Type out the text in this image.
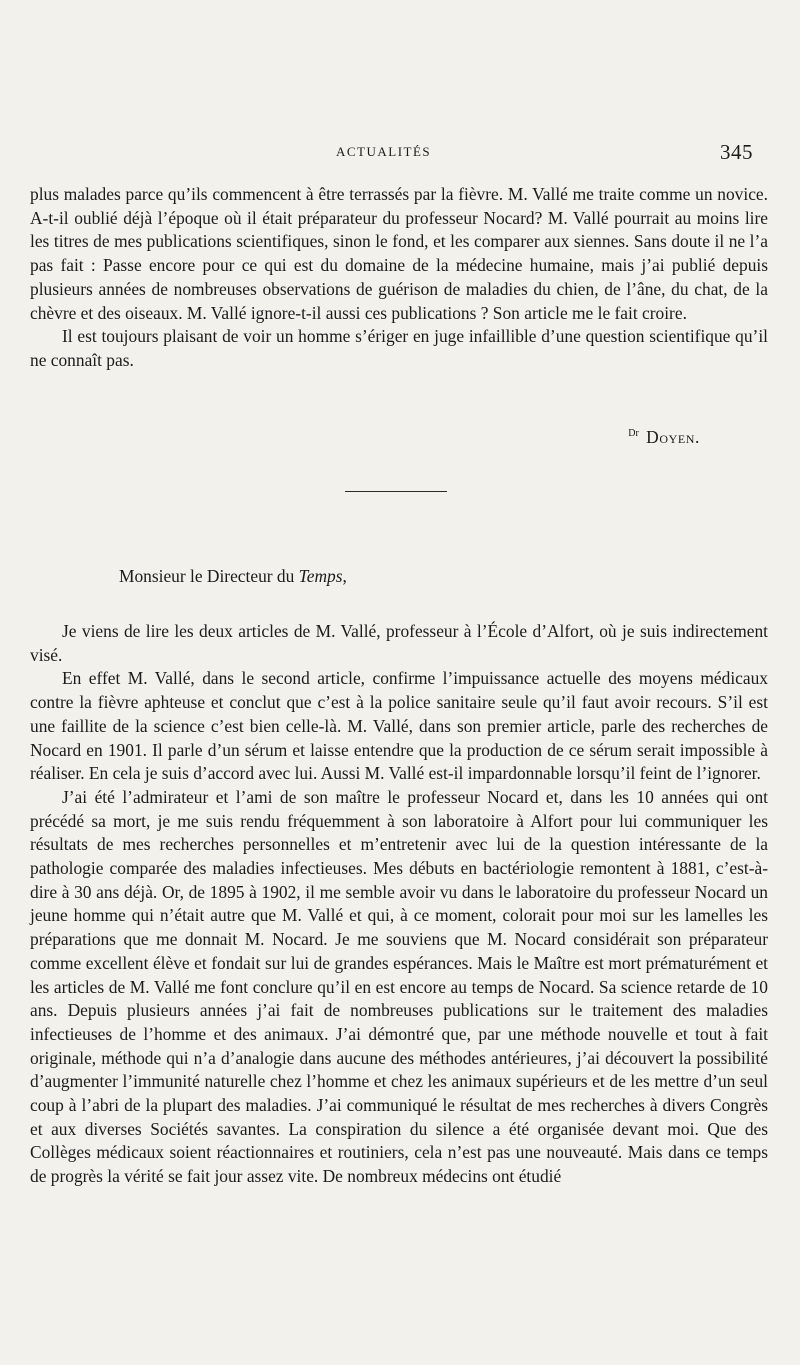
ACTUALITÉS	345

plus malades parce qu’ils commencent à être terrassés par la fièvre. M. Vallé me traite comme un novice. A-t-il oublié déjà l’époque où il était préparateur du professeur Nocard? M. Vallé pourrait au moins lire les titres de mes publications scientifiques, sinon le fond, et les comparer aux siennes. Sans doute il ne l’a pas fait : Passe encore pour ce qui est du domaine de la médecine humaine, mais j’ai publié depuis plusieurs années de nombreuses observations de guérison de maladies du chien, de l’âne, du chat, de la chèvre et des oiseaux. M. Vallé ignore-t-il aussi ces publications ? Son article me le fait croire.

Il est toujours plaisant de voir un homme s’ériger en juge infaillible d’une question scientifique qu’il ne connaît pas.

$^{Dr}$ Doyen.
Monsieur le Directeur du Temps,

Je viens de lire les deux articles de M. Vallé, professeur à l’École d’Alfort, où je suis indirectement visé.

En effet M. Vallé, dans le second article, confirme l’impuissance actuelle des moyens médicaux contre la fièvre aphteuse et conclut que c’est à la police sanitaire seule qu’il faut avoir recours. S’il est une faillite de la science c’est bien celle-là. M. Vallé, dans son premier article, parle des recherches de Nocard en 1901. Il parle d’un sérum et laisse entendre que la production de ce sérum serait impossible à réaliser. En cela je suis d’accord avec lui. Aussi M. Vallé est-il impardonnable lorsqu’il feint de l’ignorer.

J’ai été l’admirateur et l’ami de son maître le professeur Nocard et, dans les 10 années qui ont précédé sa mort, je me suis rendu fréquemment à son laboratoire à Alfort pour lui communiquer les résultats de mes recherches personnelles et m’entretenir avec lui de la question intéressante de la pathologie comparée des maladies infectieuses. Mes débuts en bactériologie remontent à 1881, c’est-à-dire à 30 ans déjà. Or, de 1895 à 1902, il me semble avoir vu dans le laboratoire du professeur Nocard un jeune homme qui n’était autre que M. Vallé et qui, à ce moment, colorait pour moi sur les lamelles les préparations que me donnait M. Nocard. Je me souviens que M. Nocard considérait son préparateur comme excellent élève et fondait sur lui de grandes espérances. Mais le Maître est mort prématurément et les articles de M. Vallé me font conclure qu’il en est encore au temps de Nocard. Sa science retarde de 10 ans. Depuis plusieurs années j’ai fait de nombreuses publications sur le traitement des maladies infectieuses de l’homme et des animaux. J’ai démontré que, par une méthode nouvelle et tout à fait originale, méthode qui n’a d’analogie dans aucune des méthodes antérieures, j’ai découvert la possibilité d’augmenter l’immunité naturelle chez l’homme et chez les animaux supérieurs et de les mettre d’un seul coup à l’abri de la plupart des maladies. J’ai communiqué le résultat de mes recherches à divers Congrès et aux diverses Sociétés savantes. La conspiration du silence a été organisée devant moi. Que des Collèges médicaux soient réactionnaires et routiniers, cela n’est pas une nouveauté. Mais dans ce temps de progrès la vérité se fait jour assez vite. De nombreux médecins ont étudié
